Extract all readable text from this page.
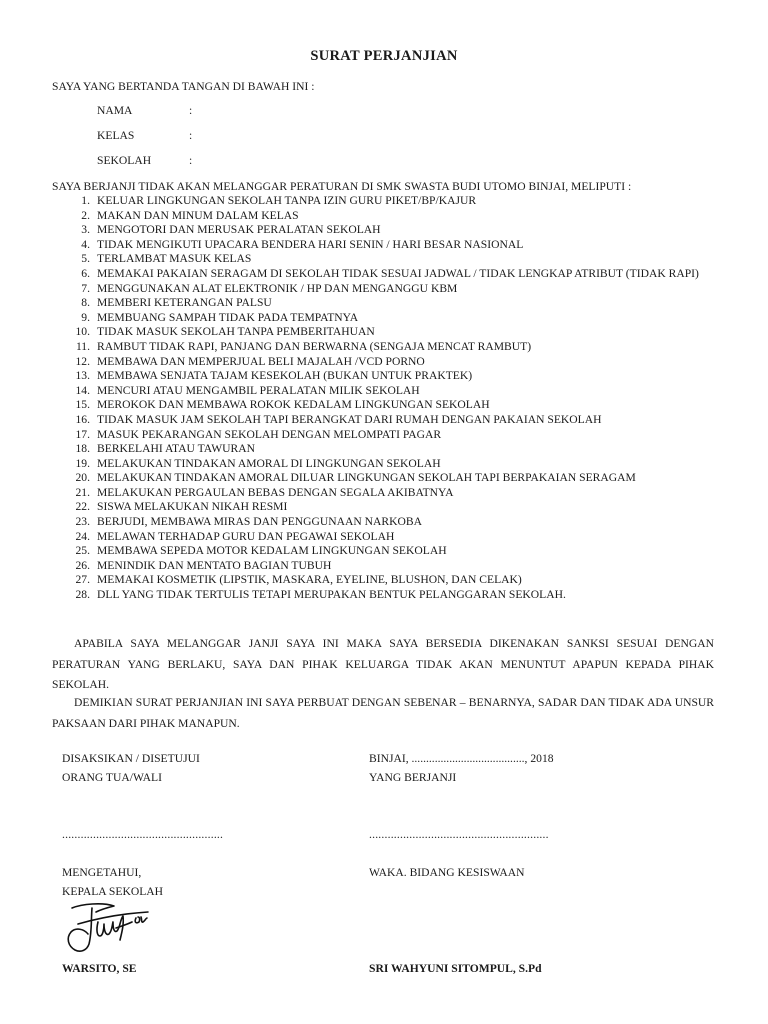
SURAT PERJANJIAN
SAYA YANG BERTANDA TANGAN DI BAWAH INI :
NAMA	:
KELAS	:
SEKOLAH	:
SAYA BERJANJI TIDAK AKAN MELANGGAR PERATURAN DI SMK SWASTA BUDI UTOMO BINJAI, MELIPUTI :
1. KELUAR LINGKUNGAN SEKOLAH TANPA IZIN GURU PIKET/BP/KAJUR
2. MAKAN DAN MINUM DALAM KELAS
3. MENGOTORI DAN MERUSAK PERALATAN SEKOLAH
4. TIDAK MENGIKUTI UPACARA BENDERA HARI SENIN / HARI BESAR NASIONAL
5. TERLAMBAT MASUK KELAS
6. MEMAKAI PAKAIAN SERAGAM DI SEKOLAH TIDAK SESUAI JADWAL / TIDAK LENGKAP ATRIBUT (TIDAK RAPI)
7. MENGGUNAKAN ALAT ELEKTRONIK / HP DAN MENGANGGU KBM
8. MEMBERI KETERANGAN PALSU
9. MEMBUANG SAMPAH TIDAK PADA TEMPATNYA
10. TIDAK MASUK SEKOLAH TANPA PEMBERITAHUAN
11. RAMBUT TIDAK RAPI, PANJANG DAN BERWARNA (SENGAJA MENCAT RAMBUT)
12. MEMBAWA DAN MEMPERJUAL BELI MAJALAH /VCD PORNO
13. MEMBAWA SENJATA TAJAM KESEKOLAH (BUKAN UNTUK PRAKTEK)
14. MENCURI ATAU MENGAMBIL PERALATAN MILIK SEKOLAH
15. MEROKOK DAN MEMBAWA ROKOK KEDALAM LINGKUNGAN SEKOLAH
16. TIDAK MASUK JAM SEKOLAH TAPI BERANGKAT DARI RUMAH DENGAN PAKAIAN SEKOLAH
17. MASUK PEKARANGAN SEKOLAH DENGAN MELOMPATI PAGAR
18. BERKELAHI ATAU TAWURAN
19. MELAKUKAN TINDAKAN AMORAL DI LINGKUNGAN SEKOLAH
20. MELAKUKAN TINDAKAN AMORAL DILUAR LINGKUNGAN SEKOLAH TAPI BERPAKAIAN SERAGAM
21. MELAKUKAN PERGAULAN BEBAS DENGAN SEGALA AKIBATNYA
22. SISWA MELAKUKAN NIKAH RESMI
23. BERJUDI, MEMBAWA MIRAS DAN PENGGUNAAN NARKOBA
24. MELAWAN TERHADAP GURU DAN PEGAWAI SEKOLAH
25. MEMBAWA SEPEDA MOTOR KEDALAM LINGKUNGAN SEKOLAH
26. MENINDIK DAN MENTATO BAGIAN TUBUH
27. MEMAKAI KOSMETIK (LIPSTIK, MASKARA, EYELINE, BLUSHON, DAN CELAK)
28. DLL YANG TIDAK TERTULIS TETAPI MERUPAKAN BENTUK PELANGGARAN SEKOLAH.
APABILA SAYA MELANGGAR JANJI SAYA INI MAKA SAYA BERSEDIA DIKENAKAN SANKSI SESUAI DENGAN PERATURAN YANG BERLAKU, SAYA DAN PIHAK KELUARGA TIDAK AKAN MENUNTUT APAPUN KEPADA PIHAK SEKOLAH.
DEMIKIAN SURAT PERJANJIAN INI SAYA PERBUAT DENGAN SEBENAR – BENARNYA, SADAR DAN TIDAK ADA UNSUR PAKSAAN DARI PIHAK MANAPUN.
DISAKSIKAN / DISETUJUI
ORANG TUA/WALI
....................................................
MENGETAHUI,
KEPALA SEKOLAH
WARSITO, SE
BINJAI, ......................................., 2018
YANG BERJANJI
..........................................................
WAKA. BIDANG KESISWAAN
SRI WAHYUNI SITOMPUL, S.Pd
